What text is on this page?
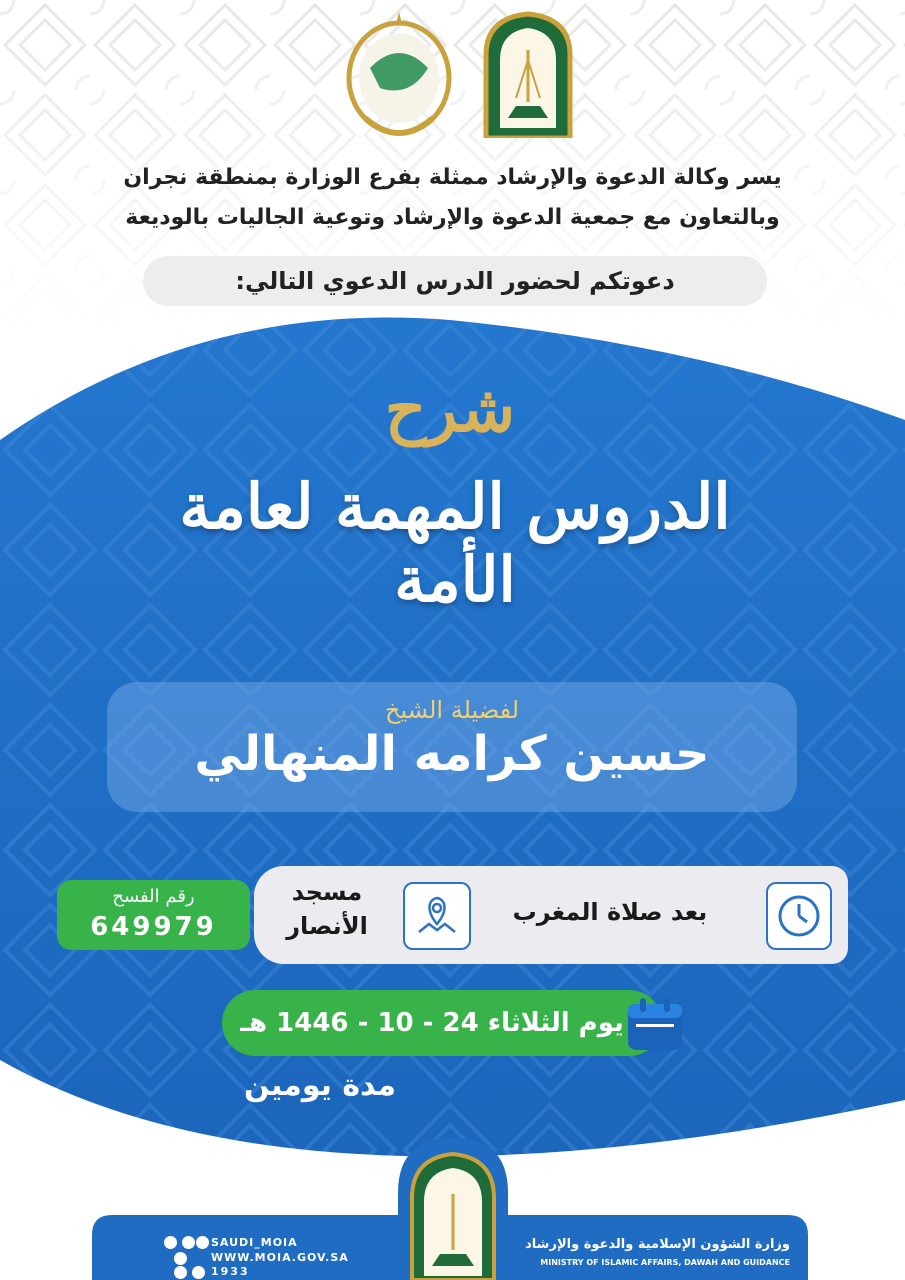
يسر وكالة الدعوة والإرشاد ممثلة بفرع الوزارة بمنطقة نجران
وبالتعاون مع جمعية الدعوة والإرشاد وتوعية الجاليات بالوديعة
دعوتكم لحضور الدرس الدعوي التالي:
شرح
الدروس المهمة لعامة الأمة
لفضيلة الشيخ
حسين كرامه المنهالي
بعد صلاة المغرب
مسجد
الأنصار
رقم الفسح
649979
يوم الثلاثاء 24 - 10 - 1446 هـ
مدة يومين
SAUDI_MOIA
WWW.MOIA.GOV.SA
1933
وزارة الشؤون الإسلامية والدعوة والإرشاد
MINISTRY OF ISLAMIC AFFAIRS, DAWAH AND GUIDANCE
